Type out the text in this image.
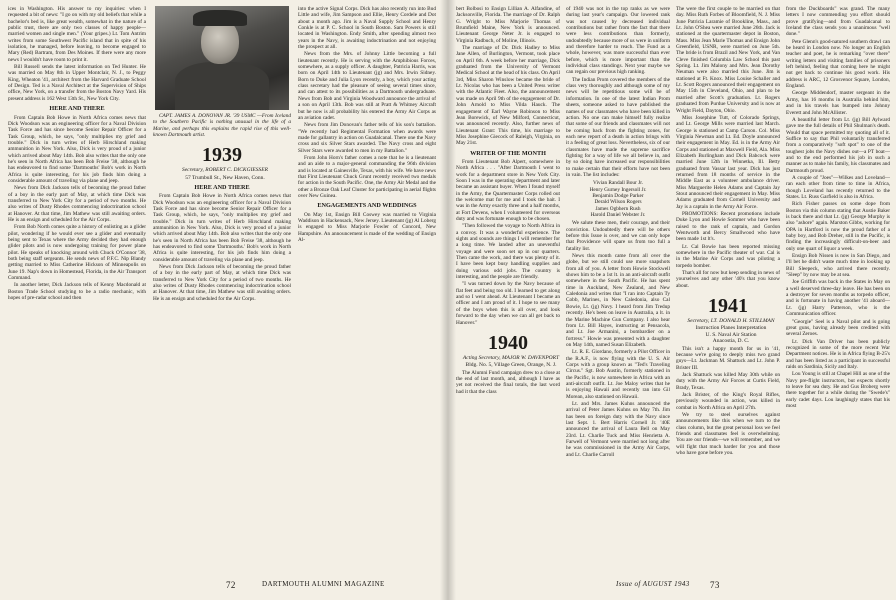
ices in Washington. His answer to my inquiries: when I requested a bit of news: "I go on with my old beliefs that while a bachelor's bed is, like great wealth, somewhat in the nature of a public trust, there are only two classes of happy people—married women and single men." (Your gripes.) Lt. Tom Antrim writes from some Southwest Pacific island that in spite of his isolation, he managed, before leaving, to become engaged to Mary (Red) Bartram, from Des Moines. If there were any more news I wouldn't have room to print it.

Bill Russell sends the latest information on Ted Hunter. He was married on May 8th in Upper Montclair, N. J., to Peggy King, Wheaton '41, architect from the Harvard Graduate School of Design. Ted is a Naval Architect at the Supervision of Ships office, New York, on a transfer from the Boston Navy Yard. His present address is 162 West 13th St., New York City.

HERE AND THERE

From Captain Bob Howe in North Africa comes news that Dick Woodson was an engineering officer for a Naval Division Task Force and has since become Senior Repair Officer for a Task Group, which, he says, "only multiplies my grief and trouble." Dick in turn writes of Herb Hirschland making ammunition in New York. Also, Dick is very proud of a junior which arrived about May 14th. Bob also writes that the only one he's seen in North Africa has been Bob Freise '38, although he has endeavored to find some 'Dartmouths' Bob's work in North Africa is quite interesting, for his job finds him doing a considerable amount of traveling via plane and jeep.

News from Dick Jackson tells of becoming the proud father of a boy in the early part of May, at which time Dick was transferred to New York City for a period of two months. He also writes of Dusty Rhodes commencing indoctrination school at Hanover. At that time, Jim Mathew was still awaiting orders. He is an ensign and scheduled for the Air Corps.

From Bob North comes quite a history of enlisting as a glider pilot, wondering if he would ever see a glider and eventually being sent to Texas where the Army decided they had enough glider pilots and is now undergoing training for power plane pilot. He speaks of knocking around with Chuck O'Connor '38, both being staff sergeants. He sends news of P.F.C. Nip Blandy getting married to Miss Catherine Hickson of Minneapolis on June 19. Nap's down in Homestead, Florida, in the Air Transport Command.

In another letter, Dick Jackson tells of Kenny Macdonald at Boston Trade School studying to be a radio mechanic, with hopes of pre-radar school and then

CAPT. JAMES A. DONOVAN JR. '39 USMC —From Iceland to the Southern Pacific is nothing unusual in the life of a Marine, and perhaps this explains the rapid rise of this well-known Dartmouth artist.

1939

Secretary, ROBERT C. DICKGIESSER

57 Trumbull St., New Haven, Conn.

HERE AND THERE

From Captain Bob Howe in North Africa comes news that Dick Woodson was an engineering officer for a Naval Division Task Force and has since become Senior Repair Officer for a Task Group, which, he says, "only multiplies my grief and trouble." Dick in turn writes of Herb Hirschland making ammunition in New York. Also, Dick is very proud of a junior which arrived about May 14th. Bob also writes that the only one he's seen in North Africa has been Bob Freise '38, although he has endeavored to find some 'Dartmouths.' Bob's work in North Africa is quite interesting, for his job finds him doing a considerable amount of traveling via plane and jeep.

News from Dick Jackson tells of becoming the proud father of a boy in the early part of May, at which time Dick was transferred to New York City for a period of two months. He also writes of Dusty Rhodes commencing indoctrination school at Hanover. At that time, Jim Mathew was still awaiting orders. He is an ensign and scheduled for the Air Corps.

into the active Signal Corps. Dick has also recently run into Bud Little and wife, Jim Sampson and Ellie, Henry Cordele and Dot about a month ago. Jim is a Naval Supply School and Henry Conkle is at P. C. School in South Boston. Sam Powers is still located in Washington. Endy Smith, after spending almost two years in the Navy, is awaiting indoctrination and not enjoying the prospect at all.

News from the Mrs. of Johnny Little becoming a full lieutenant recently. He is serving with the Amphibious Forces, somewhere, as a supply officer. A daughter, Patricia Harris, was born on April 14th to Lieutenant (jg) and Mrs. Irwin Sidney. Born to Duke and Julia Lyon recently, a boy, which your acting class secretary had the pleasure of seeing several times since, and can attest to its possibilities as a Dartmouth undergraduate. News from Bob and Virginia Woodward announce the arrival of a son on April 13th. Bob was still at Pratt & Whitney Aircraft but he now is all probability his entered the Army Air Corps as an aviation cadet.

News from Jim Donovan's father tells of his son's battalion. "We recently had Regimental Formation when awards were made for gallantry in action on Guadalcanal. There one the Navy cross and six Silver Stars awarded. The Navy cross and eight Silver Stars were awarded to men in my Battalion."

From John Horn's father comes a note that he is a lieutenant and an aide to a major-general commanding the 96th division and is located at Gainesville, Texas, with his wife. We have news that First Lieutenant Chuck Grunt recently received two medals for action in the South Pacific. One, the Army Air Medal and the other a Bronze Oak Leaf Cluster for participating in aerial flights over New Guinea.

ENGAGEMENTS AND WEDDINGS

On May 1st, Ensign Bill Coswey was married to Virginia Waddison in Hackensack, New Jersey. Lieutenant (jg) Al Loberg is engaged to Miss Marjorie Fowler of Concord, New Hampshire. An announcement is made of the wedding of Ensign Al-

72	DARTMOUTH ALUMNI MAGAZINE

bert Bolbosi to Ensign Lillian A. Alfandine, of Jacksonville, Florida. The marriage of Dr. Ralph G. Wright to Miss Marjorie Thomas of Brumfield Maine, New York is announced. Lieutenant George Neter Jr. is engaged to Virginia Radbuch, of Moline, Illinois.

The marriage of Dr. Dick Hadley to Miss Jane Allen, of Burlington, Vermont, took place on April 6th. A week before her marriage, Dick graduated from the University of Vermont Medical School at the head of his class. On April 3rd, Miss Sharon Winslow became the bride of Lt. Nicolas who has been a United Press writer with the Atlantic Fleet. Also, the announcement was made on April 9th of the engagement of Dr. John Arnold to Miss Vilda Hauck. The engagement of Earl Wayne Robinson to Miss Jean Borewick, of New Milford, Connecticut, was announced recently. Also, further news of Lieutenant Grant: This time, his marriage to Miss Josephine Giecock of Raleigh, Virginia, on May 21st.

WRITER OF THE MONTH

From Lieutenant Bob Alpert, somewhere in North Africa . . . "After Dartmouth I went to work for a department store in New York City. Soon I was in the operating department and later became an assistant buyer. When I found myself in the Army, the Quartermaster Corps rolled out the welcome mat for me and I took the bait. I was in the Army exactly three and a half months, at Fort Devens, when I volunteered for overseas duty and was fortunate enough to be chosen.

"Then followed the voyage to North Africa in a convoy. It was a wonderful experience. The sights and sounds are things I will remember for a long time. We landed after an uneventful voyage and were soon set up in our quarters. Then came the work, and there was plenty of it. I have been kept busy handling supplies and doing various odd jobs. The country is interesting, and the people are friendly.

"I was turned down by the Navy because of flat feet and being too old. I learned to get along and so I went ahead. At Lieutenant I became an officer and I am proud of it. I hope to see many of the boys when this is all over, and look forward to the day when we can all get back to Hanover."

1940

Acting Secretary, MAJOR W. DAVENPORT

Bldg. No. 5, Village Green, Orange, N. J.

The Alumni Fund campaign drew to a close at the end of last month, and, although I have as yet not received the final totals, the last word had it that the class

of 1940 was not in the top ranks as we were during last year's campaign. Our lowered rank was not caused by decreased individual contributions but rather from the fact that there were less contributions than formerly, undoubtedly because more of us were in uniform and therefore harder to reach. The Fund as a whole, however, was more successful than ever before, which is more important than the individual class standings. Next year maybe we can regain our previous high ranking.

The Indian Prom covered the members of the class very thoroughly and although some of my news will be repetitious some will be of information. In one of the latest Indian Prom sheets, someone asked to have published the names of our classmates who have been killed in action. No one can make himself fully realize that some of our friends and classmates will not be coming back from the fighting zones, for each new report of a death in action brings with it a feeling of great loss. Nevertheless, six of our classmates have made the supreme sacrifice fighting for a way of life we all believe in, and by so doing have increased our responsibilities to make certain that their efforts have not been in vain. The list includes:

Vivian Randall Bour Jr.
Henry Gurney Ingersoll Jr.
Benjamin Dodge Parker
Derald Wilson Rogers
James Ogbhern Rush
Harold Daniel Webster Jr.

We salute these men, their courage, and their conviction. Undoubtedly there will be others before this Issue is over, and we can only hope that Providence will spare us from too full a fatality list.

News this month came from all over the globe, but we still could use more snapshots from all of you. A letter from Howie Stockwell shows him to be a 1st lt. in an anti-aircraft outfit somewhere in the South Pacific. He has spent time in Auckland, New Zealand, and New Caledonia and writes that "I ran into Captain Ty Cobb, Marines, in New Caledonia, also Cal Bowie, Lt. (jg) Navy. I heard from Jim Tredup recently. He's been on leave in Australia, a lt. in the Marine Machine Gun Company. I also hear from Lt. Bill Hayes, instructing at Pensacola, and Lt. Joe Armanini, a bombardier on a fortress." Howie was presented with a daughter on May 14th, named Susan Elizabeth.

Lt. R. E. Giordano, formerly a Pilot Officer in the R.A.F., is now flying with the U. S. Air Corps with a group known as "Ted's Traveling Circus." Sgt. Bob Austin, formerly stationed in the Pacific, is now somewhere in Africa with an anti-aircraft outfit. Lt. Joe Maloy writes that he is enjoying Hawaii and recently ran into Gil Morean, also stationed on Hawaii.

Lt. and Mrs. James Kuhns announced the arrival of Peter James Kuhns on May 7th. Jim has been on foreign duty with the Navy since last Sept. 1. Bert Harris Cornell Jr. '40E announced the arrival of Laura Bell on May 23rd. Lt. Charlie Tuck and Miss Henrietta A. Farwell of Vermont were married not long after he was commissioned in the Army Air Corps, and Lt. Charlie Carroll

The were the first couple to be married on that day. Miss Ruth Forbes of Bloomfield, N. J. Miss June Patricia Laramie of Brookline, Mass., and Lt. John O'Shea were married June 26th. Jack is stationed at the quartermaster depot in Boston, Mass. Miss Jean Marie Thomas and Ensign John Greenfield, USNR, were married on June 5th. The bride is from Brazil and New York, and Van Cleve finished Columbia Law School this past Spring. Lt. Jim Malony and Mrs. Jean Dorothy Neuman were also married this June. Jim is stationed at Ft. Knox. Miss Louise Schaller and Lt. Scott Rogers announced their engagement on May 15th in Cleveland, Ohio, and plan to be married after Scott's graduation. Lt. Rogers graduated from Purdue University and is now at Wright Field, Dayton, Ohio.

Miss Josephine Tutt, of Colorado Springs, and Lt. George Mills were married last March. George is stationed at Camp Carson. Col. Miss Virginia Newman and Lt. Ed. Doyle announced their engagement in May. Ed. is in the Army Air Corps and stationed at Maxwell Field, Ala. Miss Elizabeth Burlingham and Dick Babcock were married June 12th in Winnetka, Ill. Betty graduated from Vassar last year. Dick has just returned from 18 months of service in the Middle East as a volunteer ambulance driver. Miss Marguerite Helen Adams and Captain Jay Stout announced their engagement in May. Miss Adams graduated from Cornell University and Jay is a captain in the Army Air Force.

PROMOTIONS: Recent promotions include Duke Lyon and Howie Sommer who have been raised to the rank of captain, and Gordon Wentworth and Bercy Smallwood who have been made 1st lt's.

Lt. Cal Bowie has been reported missing somewhere in the Pacific theater of war. Cal is in the Marine Air Corps and was piloting a torpedo bomber.

That's all for now but keep sending in news of yourselves and any other '40's that you know about.

1941

Secretary, LT. DONALD H. STILLMAN

Instruction Planes Interpretation

U. S. Naval Air Station

Anacostia, D. C.

This isn't a happy month for us in '41, because we're going to deeply miss two grand guys—Lt. Jackman M. Shattuck and Lt. John P. Brister III.

Jack Shattuck was killed May 30th while on duty with the Army Air Forces at Curtis Field, Brady, Texas.

Jack Brister, of the King's Royal Rifles, previously wounded in action, was killed in combat in North Africa on April 27th.

We try to steel ourselves against announcements like this when we turn to the class column, but the great personal loss we feel friends and classmates feel is overwhelming. You are our friends—we will remember, and we will fight that much harder for you and those who have gone before you.

from the Duckboards" was grand. The many letters I now commending you effort should prove gratifying—and from Guadalcanal to Iceland the class sends you a unanimous "well done."

Pete Glenn's good-natured southern drawl can be heard in London now. No longer an English teacher and poet, he is remarking "over there" writing letters and visiting families of prisoners left behind, feeling that coming here he might not get back to continue his good work. His address is ARC, 12 Grosvenor Square, London, England.

George Middendorf, master sergeant in the Army, has 16 months in Australia behind him, and in his travels has bumped into Johnny Everett and John McAllister.

A beautiful letter from Lt. (jg) Bill Aylward gave me the full details of Phil Shulman's death. Would that space permitted my quoting all of it. Suffice to say that Phil voluntarily transferred from a comparatively "soft spot" to one of the toughest jobs the Navy dishes out—a PT boat—and to the end performed his job in such a manner as to make his family, his classmates and Dartmouth proud.

A couple of "Joes"—Wilkes and Loveland—ran each other from time to time in Africa, though Loveland has recently returned to the States. Lt. Russ Garfield is also in Africa.

Rich Fisher passes on some dope from Boston via this column stating that Austie Baker is back there and that Lt. (jg) George Murphy is also "ashore" again. Marston Gibbs, working for OPA in Hartford is now the proud father of a baby boy, and Bob Dreher, still in the Pacific, is finding the increasingly difficult-on-beer and only one quart of liquor a week.

Ensign Bob Nissen is now in San Diego, and I'll bet he didn't waste much time in looking up Bill Sleepeck, who arrived there recently. "Sleep" by now may be at sea.

Joe Griffith was back in the States in May on a well deserved three-day leave. He has been on a destroyer for seven months as torpedo officer, and is fortunate in having another '41 aboard—Lt. (jg) Harry Patterson, who is the Communication officer.

"Georgie" Seel is a Naval pilot and is going great guns, having already been credited with several Zeroes.

Lt. Dick Van Driver has been publicly recognized in some of the more recent War Department notices. He is in Africa flying B-25's and has been listed as a participant in successful raids on Sardinia, Sicily and Italy.

Lou Young is still at Chapel Hill as one of the Navy pre-flight instructors, but expects shortly to leave for sea duty. He and Gus Broberg were there together for a while during the "Swede's" early cadet days. Lou laughingly states that his most

Issue of AUGUST 1943 73
